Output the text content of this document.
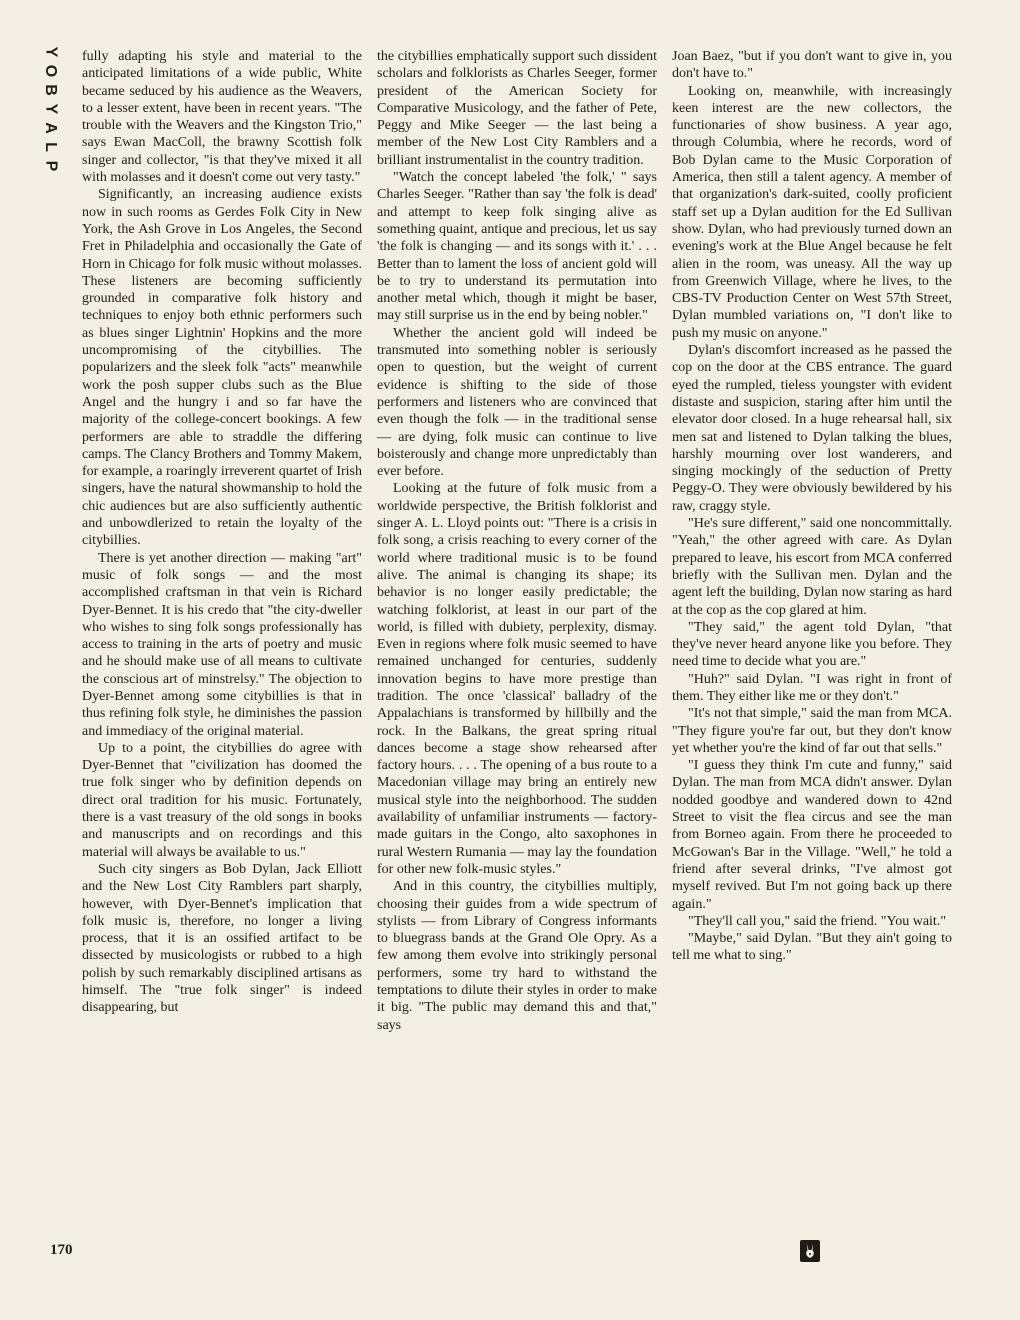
Y
O
B
Y
A
L
P

fully adapting his style and material to the anticipated limitations of a wide public, White became seduced by his audience as the Weavers, to a lesser extent, have been in recent years. "The trouble with the Weavers and the Kingston Trio," says Ewan MacColl, the brawny Scottish folk singer and collector, "is that they've mixed it all with molasses and it doesn't come out very tasty."

Significantly, an increasing audience exists now in such rooms as Gerdes Folk City in New York, the Ash Grove in Los Angeles, the Second Fret in Philadelphia and occasionally the Gate of Horn in Chicago for folk music without molasses. These listeners are becoming sufficiently grounded in comparative folk history and techniques to enjoy both ethnic performers such as blues singer Lightnin' Hopkins and the more uncompromising of the citybillies. The popularizers and the sleek folk "acts" meanwhile work the posh supper clubs such as the Blue Angel and the hungry i and so far have the majority of the college-concert bookings. A few performers are able to straddle the differing camps. The Clancy Brothers and Tommy Makem, for example, a roaringly irreverent quartet of Irish singers, have the natural showmanship to hold the chic audiences but are also sufficiently authentic and unbowdlerized to retain the loyalty of the citybillies.

There is yet another direction — making "art" music of folk songs — and the most accomplished craftsman in that vein is Richard Dyer-Bennet. It is his credo that "the city-dweller who wishes to sing folk songs professionally has access to training in the arts of poetry and music and he should make use of all means to cultivate the conscious art of minstrelsy." The objection to Dyer-Bennet among some citybillies is that in thus refining folk style, he diminishes the passion and immediacy of the original material.

Up to a point, the citybillies do agree with Dyer-Bennet that "civilization has doomed the true folk singer who by definition depends on direct oral tradition for his music. Fortunately, there is a vast treasury of the old songs in books and manuscripts and on recordings and this material will always be available to us."

Such city singers as Bob Dylan, Jack Elliott and the New Lost City Ramblers part sharply, however, with Dyer-Bennet's implication that folk music is, therefore, no longer a living process, that it is an ossified artifact to be dissected by musicologists or rubbed to a high polish by such remarkably disciplined artisans as himself. The "true folk singer" is indeed disappearing, but

the citybillies emphatically support such dissident scholars and folklorists as Charles Seeger, former president of the American Society for Comparative Musicology, and the father of Pete, Peggy and Mike Seeger — the last being a member of the New Lost City Ramblers and a brilliant instrumentalist in the country tradition.

"Watch the concept labeled 'the folk,' " says Charles Seeger. "Rather than say 'the folk is dead' and attempt to keep folk singing alive as something quaint, antique and precious, let us say 'the folk is changing — and its songs with it.' . . . Better than to lament the loss of ancient gold will be to try to understand its permutation into another metal which, though it might be baser, may still surprise us in the end by being nobler."

Whether the ancient gold will indeed be transmuted into something nobler is seriously open to question, but the weight of current evidence is shifting to the side of those performers and listeners who are convinced that even though the folk — in the traditional sense — are dying, folk music can continue to live boisterously and change more unpredictably than ever before.

Looking at the future of folk music from a worldwide perspective, the British folklorist and singer A. L. Lloyd points out: "There is a crisis in folk song, a crisis reaching to every corner of the world where traditional music is to be found alive. The animal is changing its shape; its behavior is no longer easily predictable; the watching folklorist, at least in our part of the world, is filled with dubiety, perplexity, dismay. Even in regions where folk music seemed to have remained unchanged for centuries, suddenly innovation begins to have more prestige than tradition. The once 'classical' balladry of the Appalachians is transformed by hillbilly and the rock. In the Balkans, the great spring ritual dances become a stage show rehearsed after factory hours. . . . The opening of a bus route to a Macedonian village may bring an entirely new musical style into the neighborhood. The sudden availability of unfamiliar instruments — factory-made guitars in the Congo, alto saxophones in rural Western Rumania — may lay the foundation for other new folk-music styles."

And in this country, the citybillies multiply, choosing their guides from a wide spectrum of stylists — from Library of Congress informants to bluegrass bands at the Grand Ole Opry. As a few among them evolve into strikingly personal performers, some try hard to withstand the temptations to dilute their styles in order to make it big. "The public may demand this and that," says

Joan Baez, "but if you don't want to give in, you don't have to."

Looking on, meanwhile, with increasingly keen interest are the new collectors, the functionaries of show business. A year ago, through Columbia, where he records, word of Bob Dylan came to the Music Corporation of America, then still a talent agency. A member of that organization's dark-suited, coolly proficient staff set up a Dylan audition for the Ed Sullivan show. Dylan, who had previously turned down an evening's work at the Blue Angel because he felt alien in the room, was uneasy. All the way up from Greenwich Village, where he lives, to the CBS-TV Production Center on West 57th Street, Dylan mumbled variations on, "I don't like to push my music on anyone."

Dylan's discomfort increased as he passed the cop on the door at the CBS entrance. The guard eyed the rumpled, tieless youngster with evident distaste and suspicion, staring after him until the elevator door closed. In a huge rehearsal hall, six men sat and listened to Dylan talking the blues, harshly mourning over lost wanderers, and singing mockingly of the seduction of Pretty Peggy-O. They were obviously bewildered by his raw, craggy style.

"He's sure different," said one noncommittally. "Yeah," the other agreed with care. As Dylan prepared to leave, his escort from MCA conferred briefly with the Sullivan men. Dylan and the agent left the building, Dylan now staring as hard at the cop as the cop glared at him.

"They said," the agent told Dylan, "that they've never heard anyone like you before. They need time to decide what you are."

"Huh?" said Dylan. "I was right in front of them. They either like me or they don't."

"It's not that simple," said the man from MCA. "They figure you're far out, but they don't know yet whether you're the kind of far out that sells."

"I guess they think I'm cute and funny," said Dylan. The man from MCA didn't answer. Dylan nodded goodbye and wandered down to 42nd Street to visit the flea circus and see the man from Borneo again. From there he proceeded to McGowan's Bar in the Village. "Well," he told a friend after several drinks, "I've almost got myself revived. But I'm not going back up there again."

"They'll call you," said the friend. "You wait."

"Maybe," said Dylan. "But they ain't going to tell me what to sing."

170
